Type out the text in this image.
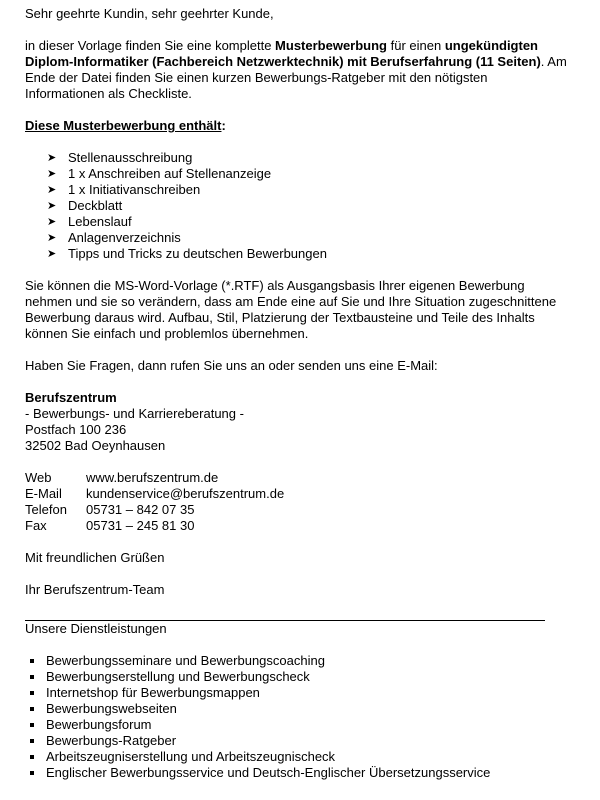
Sehr geehrte Kundin, sehr geehrter Kunde,

in dieser Vorlage finden Sie eine komplette Musterbewerbung für einen ungekündigten Diplom-Informatiker (Fachbereich Netzwerktechnik) mit Berufserfahrung (11 Seiten). Am Ende der Datei finden Sie einen kurzen Bewerbungs-Ratgeber mit den nötigsten Informationen als Checkliste.

Diese Musterbewerbung enthält:

➤ Stellenausschreibung
➤ 1 x Anschreiben auf Stellenanzeige
➤ 1 x Initiativanschreiben
➤ Deckblatt
➤ Lebenslauf
➤ Anlagenverzeichnis
➤ Tipps und Tricks zu deutschen Bewerbungen

Sie können die MS-Word-Vorlage (*.RTF) als Ausgangsbasis Ihrer eigenen Bewerbung nehmen und sie so verändern, dass am Ende eine auf Sie und Ihre Situation zugeschnittene Bewerbung daraus wird. Aufbau, Stil, Platzierung der Textbausteine und Teile des Inhalts können Sie einfach und problemlos übernehmen.

Haben Sie Fragen, dann rufen Sie uns an oder senden uns eine E-Mail:

Berufszentrum

- Bewerbungs- und Karriereberatung -

Postfach 100 236

32502 Bad Oeynhausen

Web	www.berufszentrum.de
E-Mail	kundenservice@berufszentrum.de
Telefon	05731 – 842 07 35
Fax	05731 – 245 81 30

Mit freundlichen Grüßen

Ihr Berufszentrum-Team

Unsere Dienstleistungen

Bewerbungsseminare und Bewerbungscoaching
Bewerbungserstellung und Bewerbungscheck
Internetshop für Bewerbungsmappen
Bewerbungswebseiten
Bewerbungsforum
Bewerbungs-Ratgeber
Arbeitszeugniserstellung und Arbeitszeugnischeck
Englischer Bewerbungsservice und Deutsch-Englischer Übersetzungsservice
